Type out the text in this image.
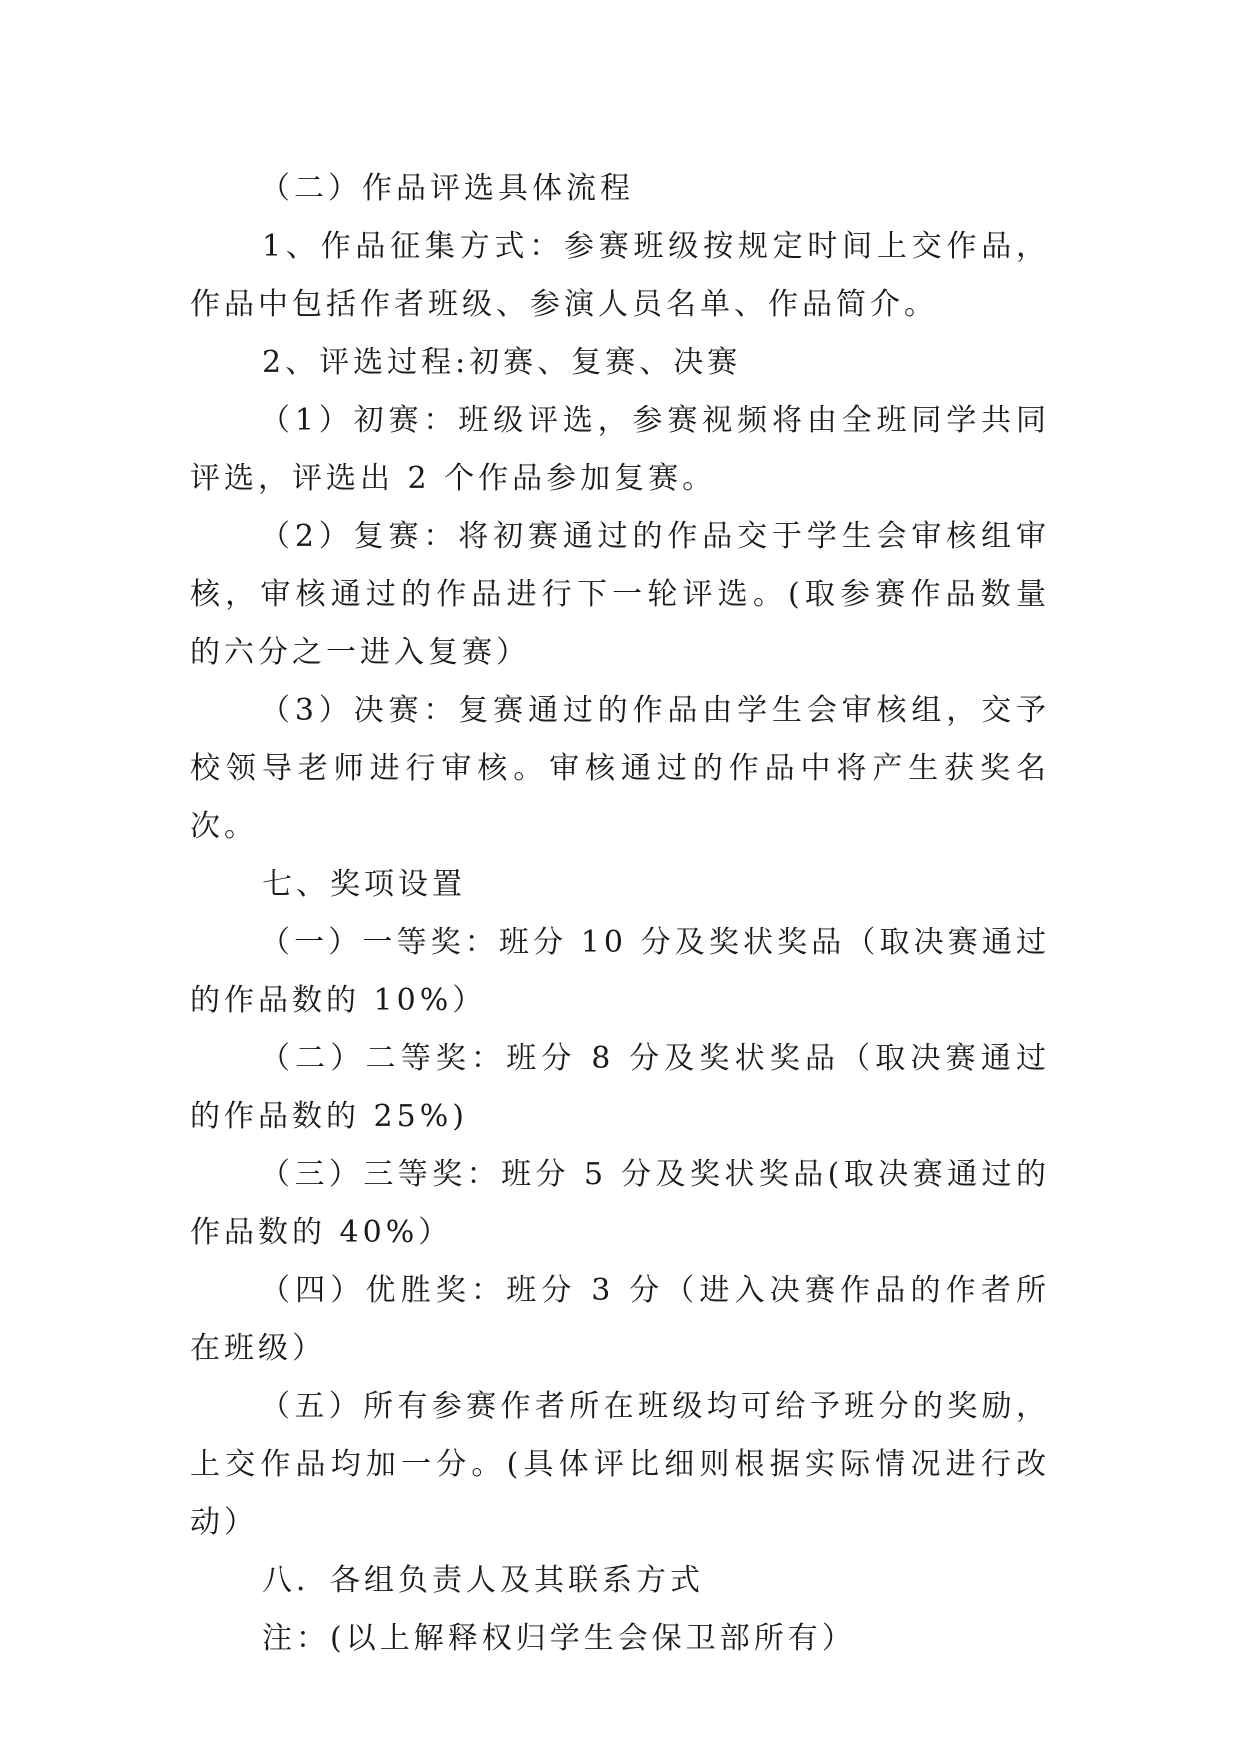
（二）作品评选具体流程

1、作品征集方式：参赛班级按规定时间上交作品，作品中包括作者班级、参演人员名单、作品简介。

2、评选过程:初赛、复赛、决赛

（1）初赛：班级评选，参赛视频将由全班同学共同评选，评选出 2 个作品参加复赛。

（2）复赛：将初赛通过的作品交于学生会审核组审核，审核通过的作品进行下一轮评选。(取参赛作品数量的六分之一进入复赛）

（3）决赛：复赛通过的作品由学生会审核组，交予校领导老师进行审核。审核通过的作品中将产生获奖名次。

七、奖项设置

（一）一等奖：班分 10 分及奖状奖品（取决赛通过的作品数的 10%）

（二）二等奖：班分 8 分及奖状奖品（取决赛通过的作品数的 25%)

（三）三等奖：班分 5 分及奖状奖品(取决赛通过的作品数的 40%）

（四）优胜奖：班分 3 分（进入决赛作品的作者所在班级）

（五）所有参赛作者所在班级均可给予班分的奖励，上交作品均加一分。(具体评比细则根据实际情况进行改动）

八．各组负责人及其联系方式

注：(以上解释权归学生会保卫部所有）
